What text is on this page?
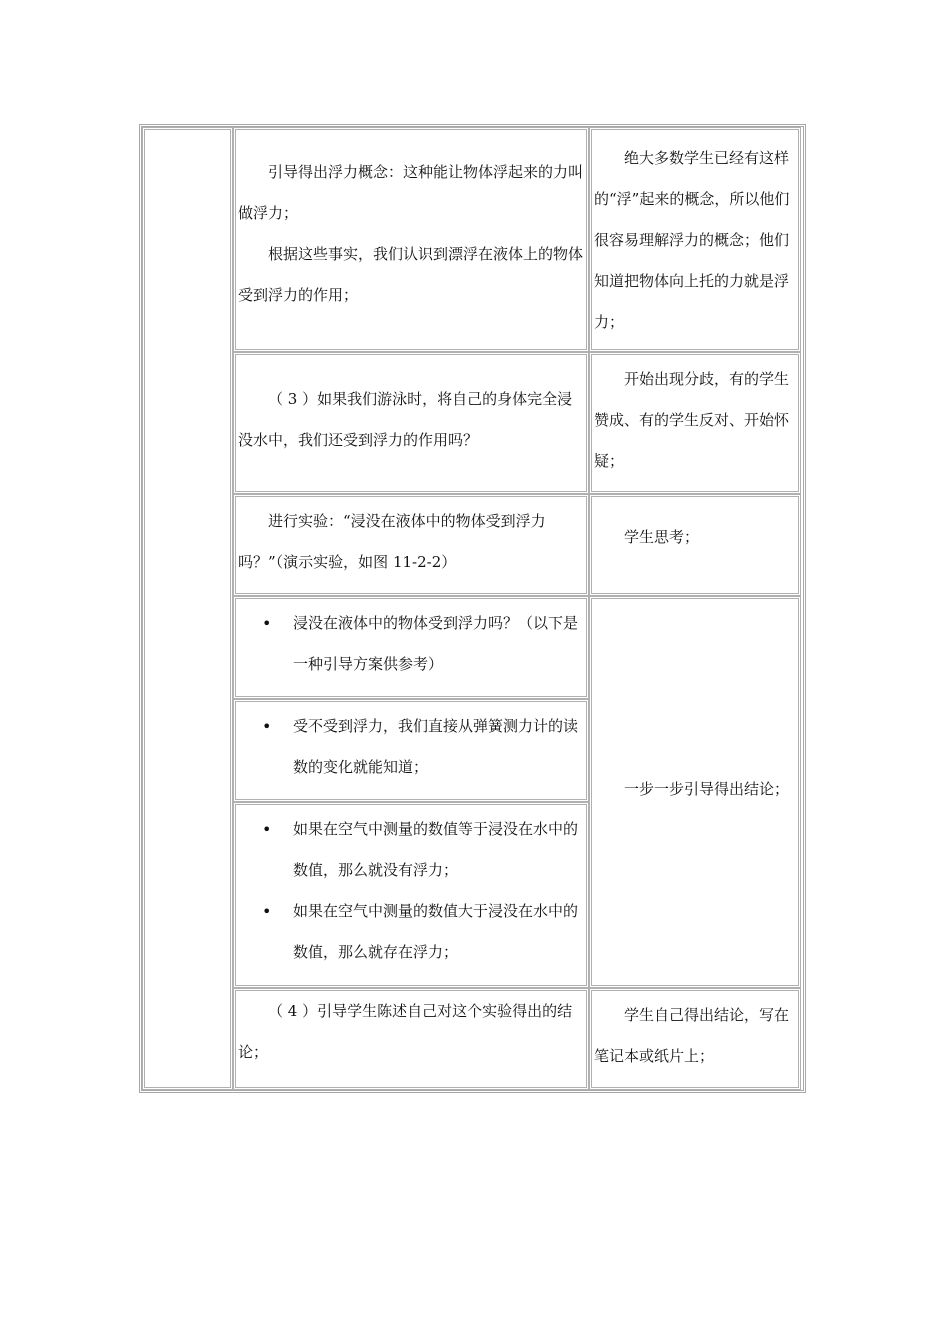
引导得出浮力概念：这种能让物体浮起来的力叫做浮力；

根据这些事实，我们认识到漂浮在液体上的物体受到浮力的作用；

绝大多数学生已经有这样的“浮”起来的概念，所以他们很容易理解浮力的概念；他们知道把物体向上托的力就是浮力；

（ 3 ）如果我们游泳时，将自己的身体完全浸没水中，我们还受到浮力的作用吗？

开始出现分歧，有的学生赞成、有的学生反对、开始怀疑；

进行实验：“浸没在液体中的物体受到浮力吗？”（演示实验，如图 11-2-2）

学生思考；

• 浸没在液体中的物体受到浮力吗？（以下是一种引导方案供参考）
• 受不受到浮力，我们直接从弹簧测力计的读数的变化就能知道；
• 如果在空气中测量的数值等于浸没在水中的数值，那么就没有浮力；
• 如果在空气中测量的数值大于浸没在水中的数值，那么就存在浮力；

一步一步引导得出结论；

（ 4 ）引导学生陈述自己对这个实验得出的结论；

学生自己得出结论，写在笔记本或纸片上；
